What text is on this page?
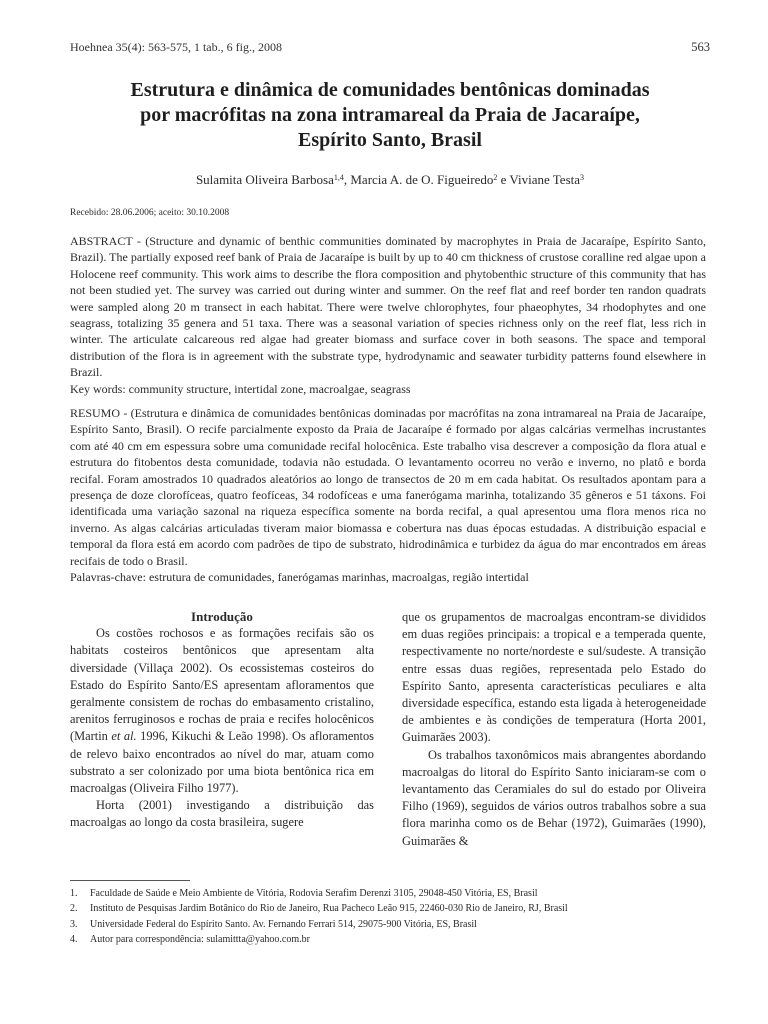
Hoehnea 35(4): 563-575, 1 tab., 6 fig., 2008	563
Estrutura e dinâmica de comunidades bentônicas dominadas
por macrófitas na zona intramareal da Praia de Jacaraípe,
Espírito Santo, Brasil
Sulamita Oliveira Barbosa$^{1,4}$, Marcia A. de O. Figueiredo$^2$ e Viviane Testa$^3$
Recebido: 28.06.2006; aceito: 30.10.2008

ABSTRACT - (Structure and dynamic of benthic communities dominated by macrophytes in Praia de Jacaraípe, Espírito Santo, Brazil). The partially exposed reef bank of Praia de Jacaraípe is built by up to 40 cm thickness of crustose coralline red algae upon a Holocene reef community. This work aims to describe the flora composition and phytobenthic structure of this community that has not been studied yet. The survey was carried out during winter and summer. On the reef flat and reef border ten randon quadrats were sampled along 20 m transect in each habitat. There were twelve chlorophytes, four phaeophytes, 34 rhodophytes and one seagrass, totalizing 35 genera and 51 taxa. There was a seasonal variation of species richness only on the reef flat, less rich in winter. The articulate calcareous red algae had greater biomass and surface cover in both seasons. The space and temporal distribution of the flora is in agreement with the substrate type, hydrodynamic and seawater turbidity patterns found elsewhere in Brazil.

Key words: community structure, intertidal zone, macroalgae, seagrass

RESUMO - (Estrutura e dinâmica de comunidades bentônicas dominadas por macrófitas na zona intramareal na Praia de Jacaraípe, Espírito Santo, Brasil). O recife parcialmente exposto da Praia de Jacaraípe é formado por algas calcárias vermelhas incrustantes com até 40 cm em espessura sobre uma comunidade recifal holocênica. Este trabalho visa descrever a composição da flora atual e estrutura do fitobentos desta comunidade, todavia não estudada. O levantamento ocorreu no verão e inverno, no platô e borda recifal. Foram amostrados 10 quadrados aleatórios ao longo de transectos de 20 m em cada habitat. Os resultados apontam para a presença de doze clorofíceas, quatro feofíceas, 34 rodofíceas e uma fanerógama marinha, totalizando 35 gêneros e 51 táxons. Foi identificada uma variação sazonal na riqueza específica somente na borda recifal, a qual apresentou uma flora menos rica no inverno. As algas calcárias articuladas tiveram maior biomassa e cobertura nas duas épocas estudadas. A distribuição espacial e temporal da flora está em acordo com padrões de tipo de substrato, hidrodinâmica e turbidez da água do mar encontrados em áreas recifais de todo o Brasil.

Palavras-chave: estrutura de comunidades, fanerógamas marinhas, macroalgas, região intertidal

Introdução

Os costões rochosos e as formações recifais são os habitats costeiros bentônicos que apresentam alta diversidade (Villaça 2002). Os ecossistemas costeiros do Estado do Espírito Santo/ES apresentam afloramentos que geralmente consistem de rochas do embasamento cristalino, arenitos ferruginosos e rochas de praia e recifes holocênicos (Martin et al. 1996, Kikuchi & Leão 1998). Os afloramentos de relevo baixo encontrados ao nível do mar, atuam como substrato a ser colonizado por uma biota bentônica rica em macroalgas (Oliveira Filho 1977).

Horta (2001) investigando a distribuição das macroalgas ao longo da costa brasileira, sugere

que os grupamentos de macroalgas encontram-se divididos em duas regiões principais: a tropical e a temperada quente, respectivamente no norte/nordeste e sul/sudeste. A transição entre essas duas regiões, representada pelo Estado do Espírito Santo, apresenta características peculiares e alta diversidade específica, estando esta ligada à heterogeneidade de ambientes e às condições de temperatura (Horta 2001, Guimarães 2003).

Os trabalhos taxonômicos mais abrangentes abordando macroalgas do litoral do Espírito Santo iniciaram-se com o levantamento das Ceramiales do sul do estado por Oliveira Filho (1969), seguidos de vários outros trabalhos sobre a sua flora marinha como os de Behar (1972), Guimarães (1990), Guimarães &

1.	Faculdade de Saúde e Meio Ambiente de Vitória, Rodovia Serafim Derenzi 3105, 29048-450 Vitória, ES, Brasil
2.	Instituto de Pesquisas Jardim Botânico do Rio de Janeiro, Rua Pacheco Leão 915, 22460-030 Rio de Janeiro, RJ, Brasil
3.	Universidade Federal do Espírito Santo. Av. Fernando Ferrari 514, 29075-900 Vitória, ES, Brasil
4.	Autor para correspondência: sulamittta@yahoo.com.br
